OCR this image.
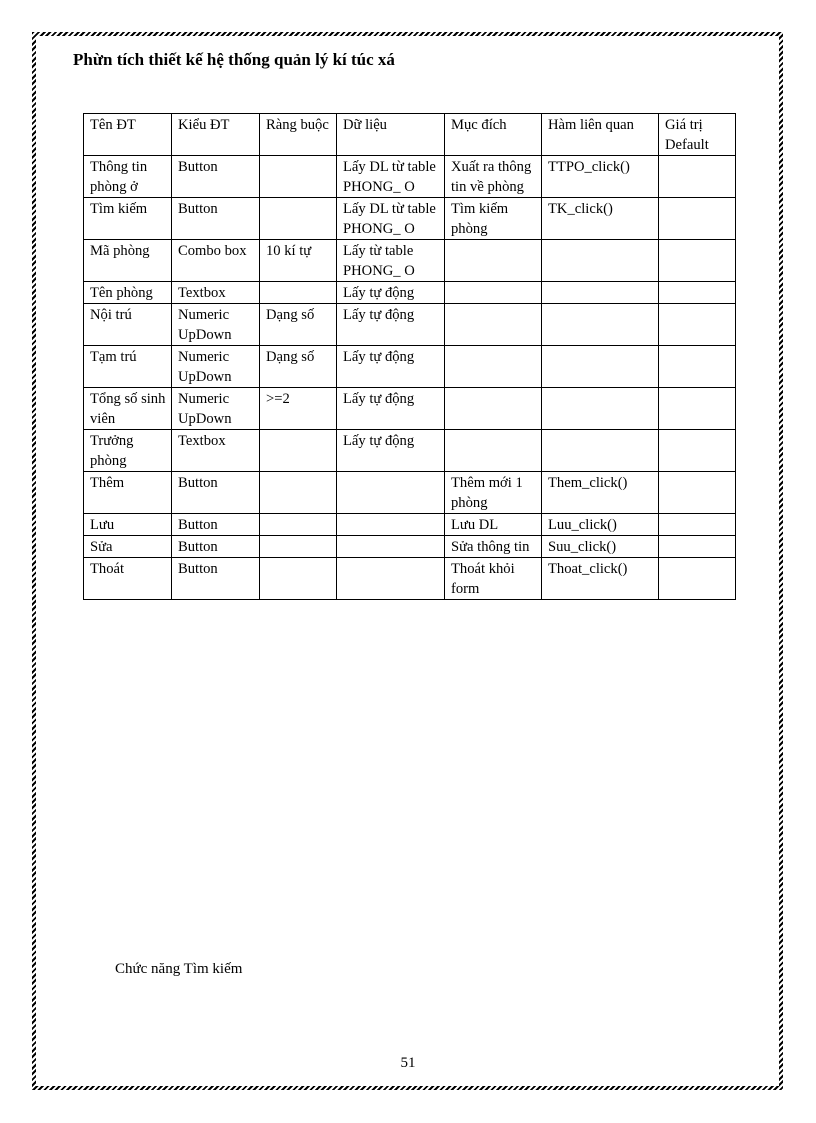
Phừn tích thiết kế hệ thống quản lý kí túc xá
Tên ĐT	Kiểu ĐT	Ràng buộc	Dữ liệu	Mục đích	Hàm liên quan	Giá trị Default
Thông tin phòng ở	Button		Lấy DL từ table PHONG_ O	Xuất ra thông tin về phòng	TTPO_click()	
Tìm kiếm	Button		Lấy DL từ table PHONG_ O	Tìm kiếm phòng	TK_click()	
Mã phòng	Combo box	10 kí tự	Lấy từ table PHONG_ O			
Tên phòng	Textbox		Lấy tự động			
Nội trú	Numeric UpDown	Dạng số	Lấy tự động			
Tạm trú	Numeric UpDown	Dạng số	Lấy tự động			
Tổng số sinh viên	Numeric UpDown	>=2	Lấy tự động			
Trưởng phòng	Textbox		Lấy tự động			
Thêm	Button			Thêm mới 1 phòng	Them_click()	
Lưu	Button			Lưu DL	Luu_click()	
Sửa	Button			Sửa thông tin	Suu_click()	
Thoát	Button			Thoát khỏi form	Thoat_click()	
Chức năng Tìm kiếm
51
